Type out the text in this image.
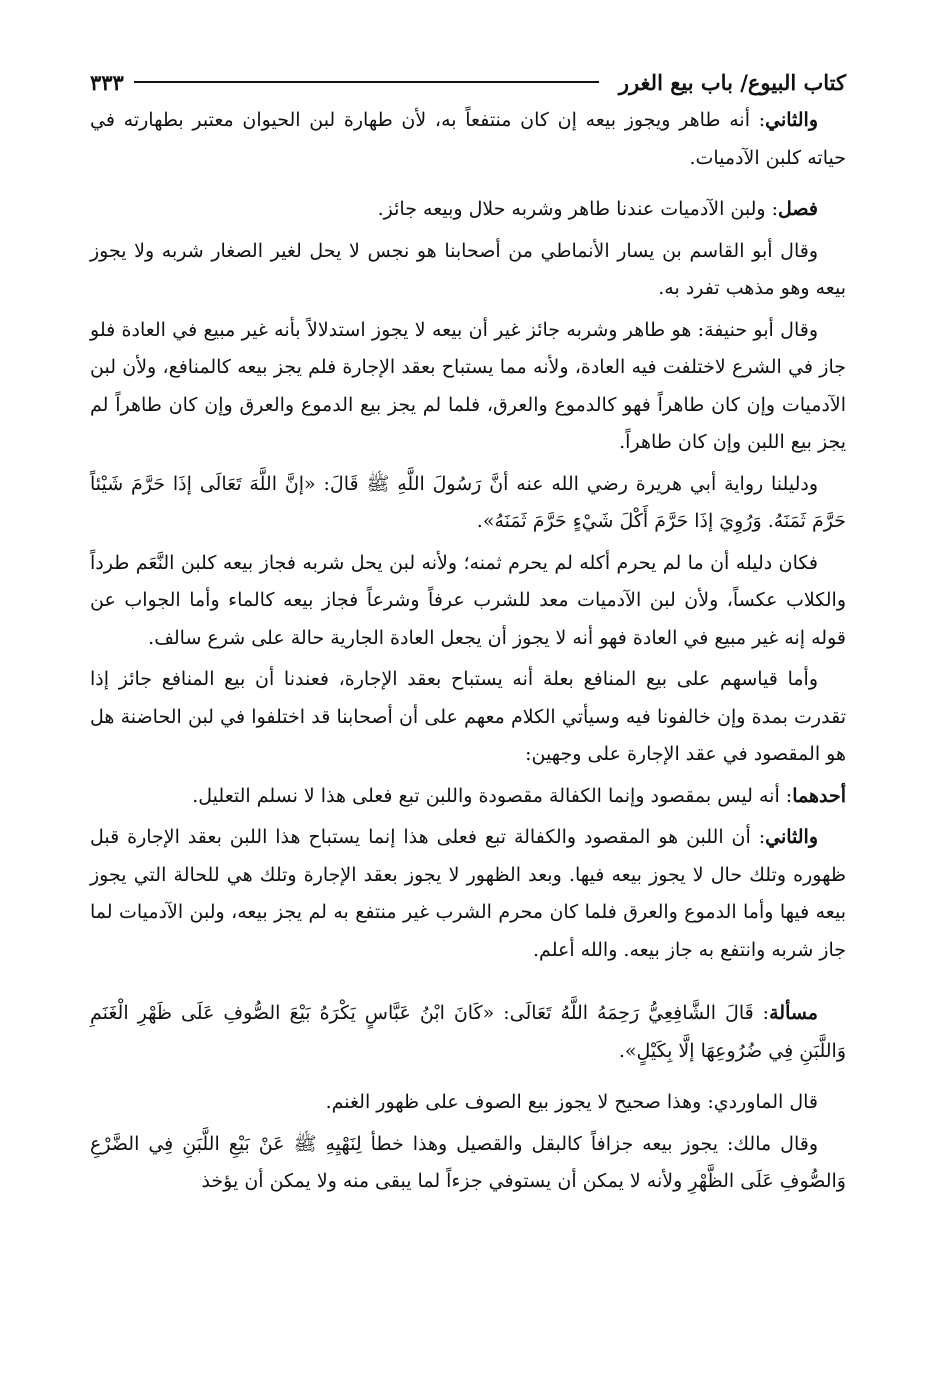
كتاب البيوع/ باب بيع الغرر
٣٣٣

والثاني: أنه طاهر ويجوز بيعه إن كان منتفعاً به، لأن طهارة لبن الحيوان معتبر بطهارته في حياته كلبن الآدميات.

فصل: ولبن الآدميات عندنا طاهر وشربه حلال وبيعه جائز.

وقال أبو القاسم بن يسار الأنماطي من أصحابنا هو نجس لا يحل لغير الصغار شربه ولا يجوز بيعه وهو مذهب تفرد به.

وقال أبو حنيفة: هو طاهر وشربه جائز غير أن بيعه لا يجوز استدلالاً بأنه غير مبيع في العادة فلو جاز في الشرع لاختلفت فيه العادة، ولأنه مما يستباح بعقد الإجارة فلم يجز بيعه كالمنافع، ولأن لبن الآدميات وإن كان طاهراً فهو كالدموع والعرق، فلما لم يجز بيع الدموع والعرق وإن كان طاهراً لم يجز بيع اللبن وإن كان طاهراً.

ودليلنا رواية أبي هريرة رضي الله عنه أنَّ رَسُولَ اللَّهِ ﷺ قَالَ: «إنَّ اللَّهَ تَعَالَى إذَا حَرَّمَ شَيْئاً حَرَّمَ ثَمَنَهُ. وَرُوِيَ إذَا حَرَّمَ أَكْلَ شَيْءٍ حَرَّمَ ثَمَنَهُ».

فكان دليله أن ما لم يحرم أكله لم يحرم ثمنه؛ ولأنه لبن يحل شربه فجاز بيعه كلبن النَّعَم طرداً والكلاب عكساً، ولأن لبن الآدميات معد للشرب عرفاً وشرعاً فجاز بيعه كالماء وأما الجواب عن قوله إنه غير مبيع في العادة فهو أنه لا يجوز أن يجعل العادة الجارية حالة على شرع سالف.

وأما قياسهم على بيع المنافع بعلة أنه يستباح بعقد الإجارة، فعندنا أن بيع المنافع جائز إذا تقدرت بمدة وإن خالفونا فيه وسيأتي الكلام معهم على أن أصحابنا قد اختلفوا في لبن الحاضنة هل هو المقصود في عقد الإجارة على وجهين:

أحدهما: أنه ليس بمقصود وإنما الكفالة مقصودة واللبن تبع فعلى هذا لا نسلم التعليل.

والثاني: أن اللبن هو المقصود والكفالة تبع فعلى هذا إنما يستباح هذا اللبن بعقد الإجارة قبل ظهوره وتلك حال لا يجوز بيعه فيها. وبعد الظهور لا يجوز بعقد الإجارة وتلك هي للحالة التي يجوز بيعه فيها وأما الدموع والعرق فلما كان محرم الشرب غير منتفع به لم يجز بيعه، ولبن الآدميات لما جاز شربه وانتفع به جاز بيعه. والله أعلم.

مسألة: قَالَ الشَّافِعِيُّ رَحِمَهُ اللَّهُ تَعَالَى: «كَانَ ابْنُ عَبَّاسٍ يَكْرَهُ بَيْعَ الصُّوفِ عَلَى ظَهْرِ الْغَنَمِ وَاللَّبَنِ فِي ضُرُوعِهَا إلَّا بِكَيْلٍ».

قال الماوردي: وهذا صحيح لا يجوز بيع الصوف على ظهور الغنم.

وقال مالك: يجوز بيعه جزافاً كالبقل والقصيل وهذا خطأ لِنَهْيِهِ ﷺ عَنْ بَيْعِ اللَّبَنِ فِي الضَّرْعِ وَالصُّوفِ عَلَى الظَّهْرِ ولأنه لا يمكن أن يستوفي جزءاً لما يبقى منه ولا يمكن أن يؤخذ
